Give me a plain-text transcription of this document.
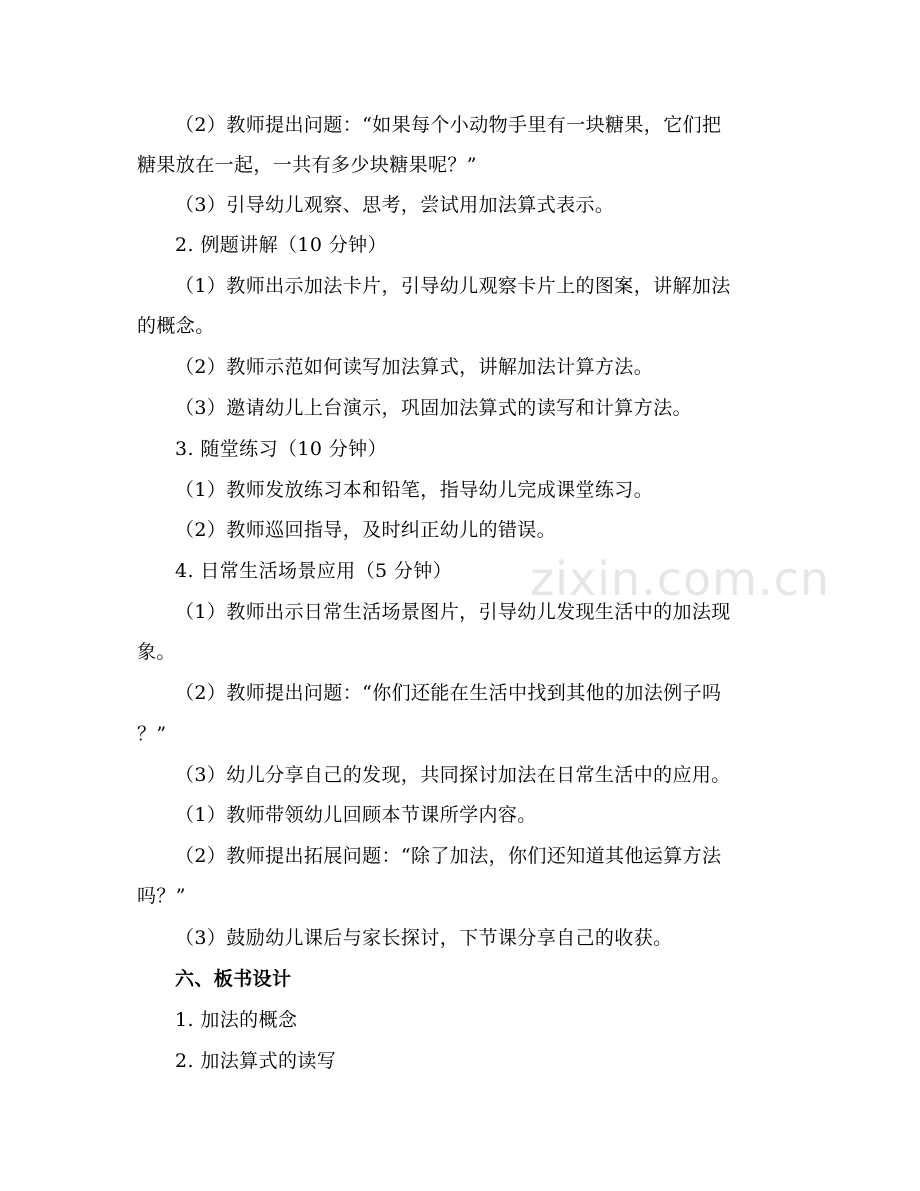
zixin.com.cn
（2）教师提出问题：“如果每个小动物手里有一块糖果，它们把
糖果放在一起，一共有多少块糖果呢？”
（3）引导幼儿观察、思考，尝试用加法算式表示。
2. 例题讲解（10 分钟）
（1）教师出示加法卡片，引导幼儿观察卡片上的图案，讲解加法
的概念。
（2）教师示范如何读写加法算式，讲解加法计算方法。
（3）邀请幼儿上台演示，巩固加法算式的读写和计算方法。
3. 随堂练习（10 分钟）
（1）教师发放练习本和铅笔，指导幼儿完成课堂练习。
（2）教师巡回指导，及时纠正幼儿的错误。
4. 日常生活场景应用（5 分钟）
（1）教师出示日常生活场景图片，引导幼儿发现生活中的加法现
象。
（2）教师提出问题：“你们还能在生活中找到其他的加法例子吗
？”
（3）幼儿分享自己的发现，共同探讨加法在日常生活中的应用。
（1）教师带领幼儿回顾本节课所学内容。
（2）教师提出拓展问题：“除了加法，你们还知道其他运算方法
吗？”
（3）鼓励幼儿课后与家长探讨，下节课分享自己的收获。
六、板书设计
1. 加法的概念
2. 加法算式的读写
